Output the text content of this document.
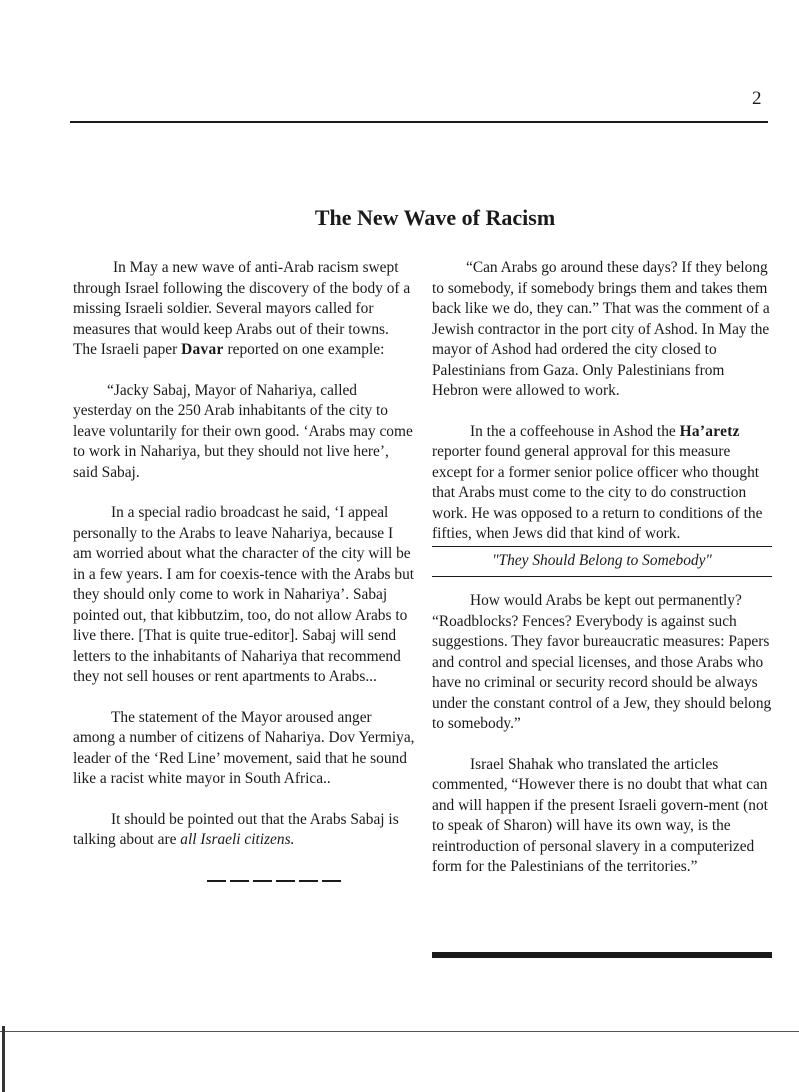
2
The New Wave of Racism

In May a new wave of anti-Arab racism swept through Israel following the discovery of the body of a missing Israeli soldier. Several mayors called for measures that would keep Arabs out of their towns. The Israeli paper Davar reported on one example:

“Jacky Sabaj, Mayor of Nahariya, called yesterday on the 250 Arab inhabitants of the city to leave voluntarily for their own good. ‘Arabs may come to work in Nahariya, but they should not live here’, said Sabaj.

In a special radio broadcast he said, ‘I appeal personally to the Arabs to leave Nahariya, because I am worried about what the character of the city will be in a few years. I am for coexis-tence with the Arabs but they should only come to work in Nahariya’. Sabaj pointed out, that kibbutzim, too, do not allow Arabs to live there. [That is quite true-editor]. Sabaj will send letters to the inhabitants of Nahariya that recommend they not sell houses or rent apartments to Arabs...

The statement of the Mayor aroused anger among a number of citizens of Nahariya. Dov Yermiya, leader of the ‘Red Line’ movement, said that he sound like a racist white mayor in South Africa..

It should be pointed out that the Arabs Sabaj is talking about are all Israeli citizens.

“Can Arabs go around these days? If they belong to somebody, if somebody brings them and takes them back like we do, they can.” That was the comment of a Jewish contractor in the port city of Ashod. In May the mayor of Ashod had ordered the city closed to Palestinians from Gaza. Only Palestinians from Hebron were allowed to work.

In the a coffeehouse in Ashod the Ha’aretz reporter found general approval for this measure except for a former senior police officer who thought that Arabs must come to the city to do construction work. He was opposed to a return to conditions of the fifties, when Jews did that kind of work.

"They Should Belong to Somebody"

How would Arabs be kept out permanently? “Roadblocks? Fences? Everybody is against such suggestions. They favor bureaucratic measures: Papers and control and special licenses, and those Arabs who have no criminal or security record should be always under the constant control of a Jew, they should belong to somebody.”

Israel Shahak who translated the articles commented, “However there is no doubt that what can and will happen if the present Israeli govern-ment (not to speak of Sharon) will have its own way, is the reintroduction of personal slavery in a computerized form for the Palestinians of the territories.”
